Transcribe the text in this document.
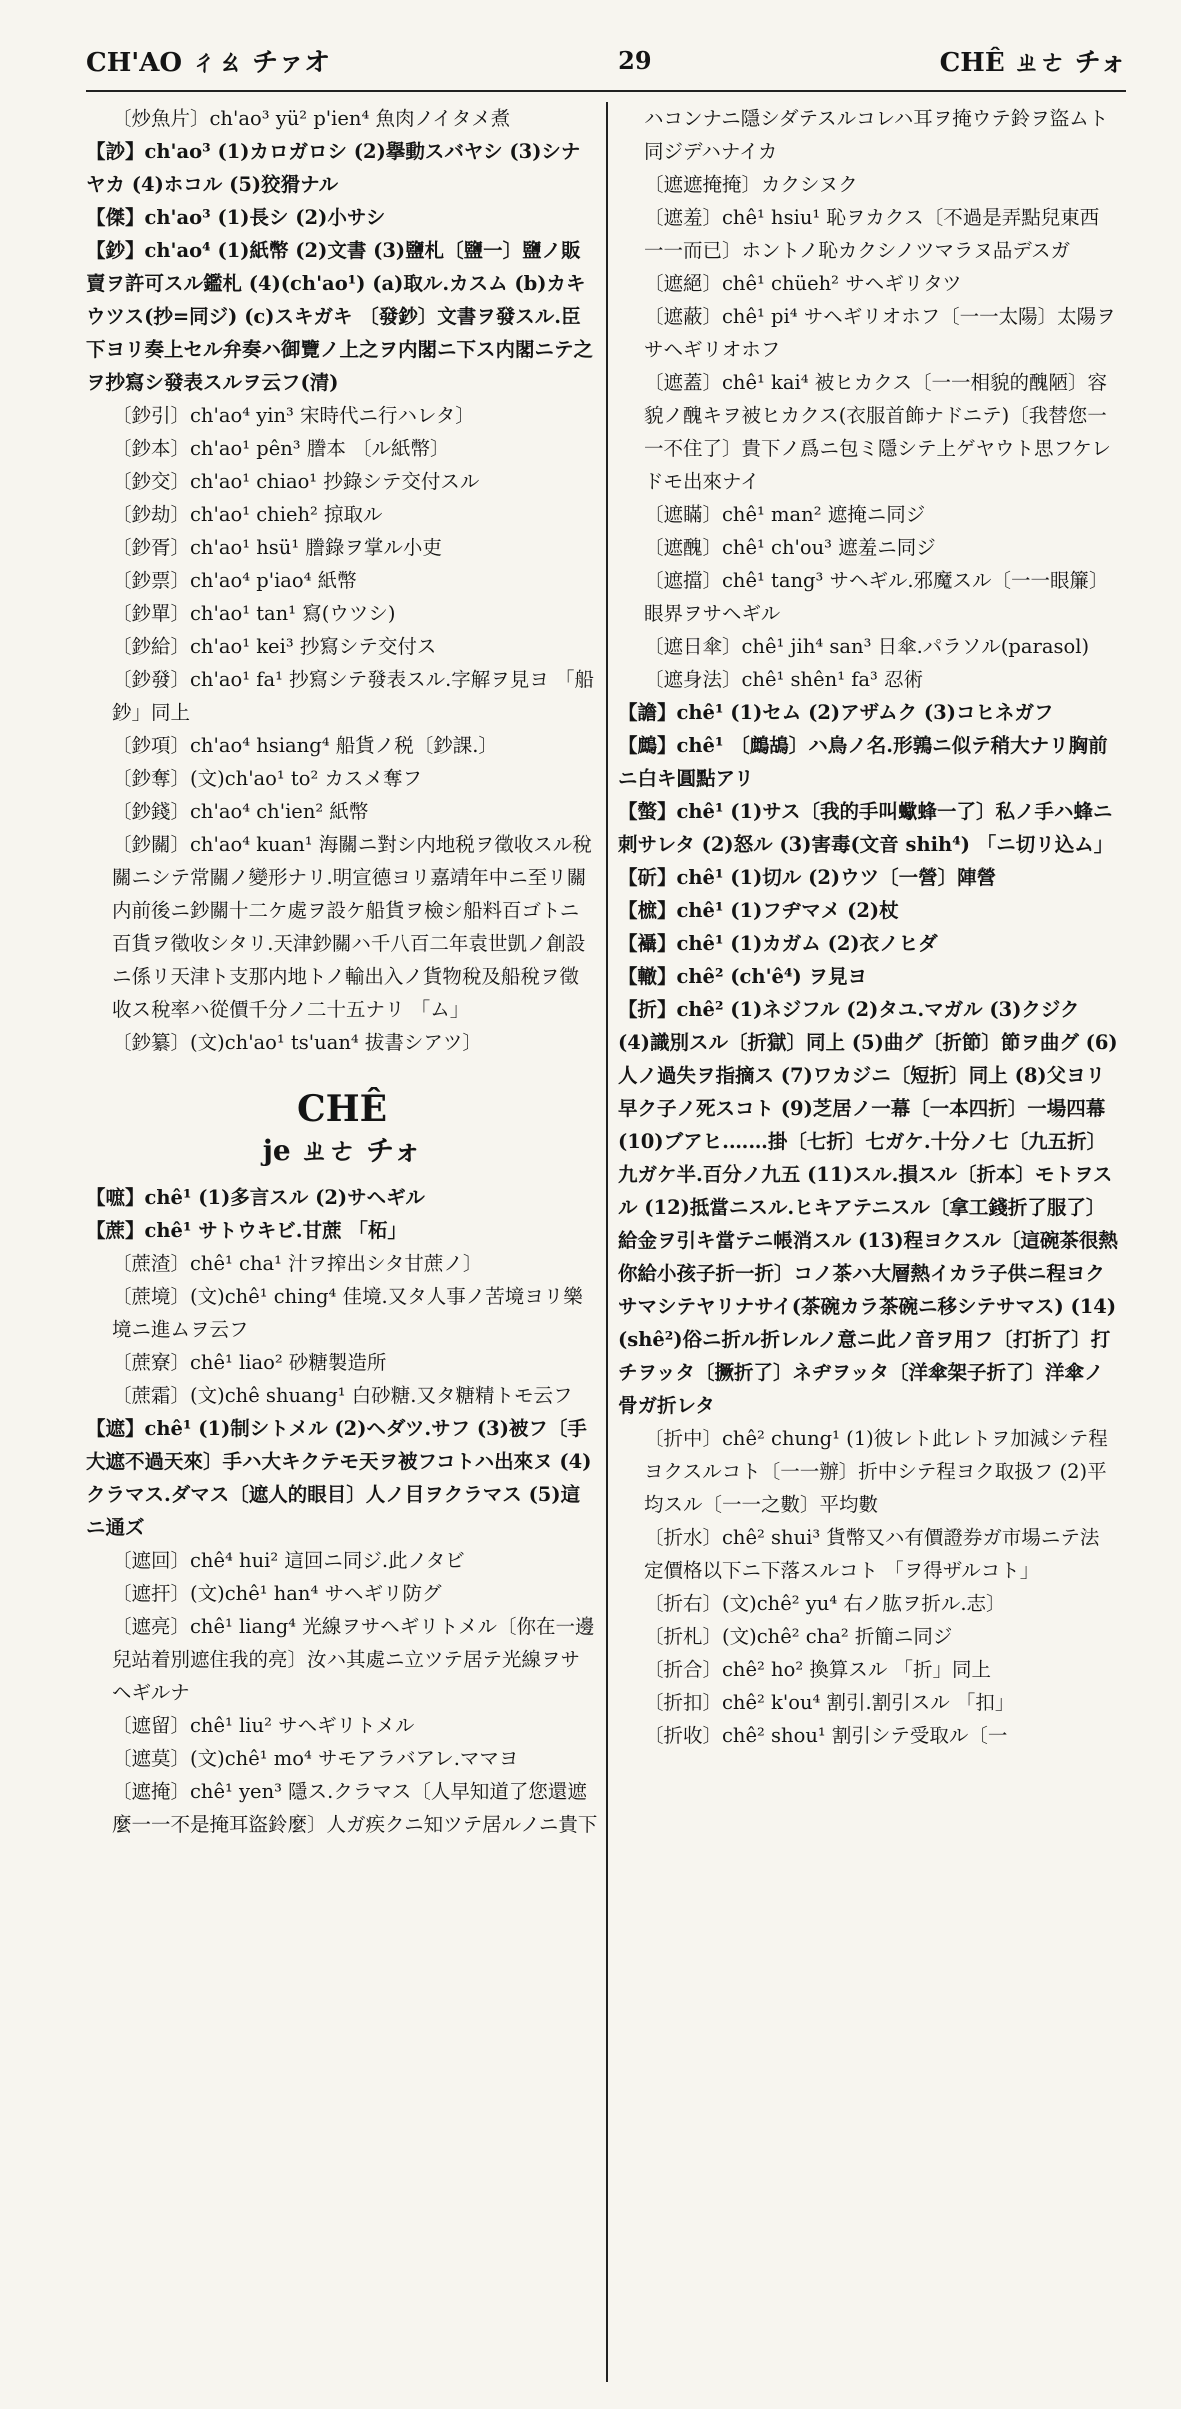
CH'AO ㄔㄠ チァオ	29	CHÊ ㄓㄜ チォ

〔炒魚片〕ch'ao³ yü² p'ien⁴ 魚肉ノイタメ煮

【訬】ch'ao³ (1)カロガロシ (2)擧動スバヤシ (3)シナヤカ (4)ホコル (5)狡猾ナル

【傑】ch'ao³ (1)長シ (2)小サシ

【鈔】ch'ao⁴ (1)紙幣 (2)文書 (3)鹽札〔鹽一〕鹽ノ販賣ヲ許可スル鑑札 (4)(ch'ao¹) (a)取ル.カスム (b)カキウツス(抄=同ジ) (c)スキガキ 〔發鈔〕文書ヲ發スル.臣下ヨリ奏上セル弁奏ハ御覽ノ上之ヲ内閣ニ下ス内閣ニテ之ヲ抄寫シ發表スルヲ云フ(清)

〔鈔引〕ch'ao⁴ yin³ 宋時代ニ行ハレタ〕

〔鈔本〕ch'ao¹ pên³ 謄本 〔ル紙幣〕

〔鈔交〕ch'ao¹ chiao¹ 抄錄シテ交付スル

〔鈔劫〕ch'ao¹ chieh² 掠取ル

〔鈔胥〕ch'ao¹ hsü¹ 謄錄ヲ掌ル小吏

〔鈔票〕ch'ao⁴ p'iao⁴ 紙幣

〔鈔單〕ch'ao¹ tan¹ 寫(ウツシ)

〔鈔給〕ch'ao¹ kei³ 抄寫シテ交付ス

〔鈔發〕ch'ao¹ fa¹ 抄寫シテ發表スル.字解ヲ見ヨ 「船鈔」同上

〔鈔項〕ch'ao⁴ hsiang⁴ 船貨ノ税〔鈔課.〕

〔鈔奪〕(文)ch'ao¹ to² カスメ奪フ

〔鈔錢〕ch'ao⁴ ch'ien² 紙幣

〔鈔關〕ch'ao⁴ kuan¹ 海關ニ對シ内地税ヲ徵收スル稅關ニシテ常關ノ變形ナリ.明宣德ヨリ嘉靖年中ニ至リ關内前後ニ鈔關十二ケ處ヲ設ケ船貨ヲ檢シ船料百ゴトニ百貨ヲ徵收シタリ.天津鈔關ハ千八百二年袁世凱ノ創設ニ係リ天津ト支那内地トノ輸出入ノ貨物稅及船稅ヲ徵收ス稅率ハ從價千分ノ二十五ナリ 「ム」

〔鈔纂〕(文)ch'ao¹ ts'uan⁴ 拔書シアツ〕

CHÊ
je ㄓㄜ チォ

【嗻】chê¹ (1)多言スル (2)サヘギル

【蔗】chê¹ サトウキビ.甘蔗 「柘」

〔蔗渣〕chê¹ cha¹ 汁ヲ搾出シタ甘蔗ノ〕

〔蔗境〕(文)chê¹ ching⁴ 佳境.又タ人事ノ苦境ヨリ樂境ニ進ムヲ云フ

〔蔗寮〕chê¹ liao² 砂糖製造所

〔蔗霜〕(文)chê shuang¹ 白砂糖.又タ糖精トモ云フ

【遮】chê¹ (1)制シトメル (2)ヘダツ.サフ (3)被フ〔手大遮不過天來〕手ハ大キクテモ天ヲ被フコトハ出來ヌ (4)クラマス.ダマス〔遮人的眼目〕人ノ目ヲクラマス (5)這ニ通ズ

〔遮回〕chê⁴ hui² 這回ニ同ジ.此ノタビ

〔遮扞〕(文)chê¹ han⁴ サヘギリ防グ

〔遮亮〕chê¹ liang⁴ 光線ヲサヘギリトメル〔你在一邊兒站着別遮住我的亮〕汝ハ其處ニ立ツテ居テ光線ヲサヘギルナ

〔遮留〕chê¹ liu² サヘギリトメル

〔遮莫〕(文)chê¹ mo⁴ サモアラバアレ.ママヨ

〔遮掩〕chê¹ yen³ 隱ス.クラマス〔人早知道了您還遮麼一一不是掩耳盜鈴麼〕人ガ疾クニ知ツテ居ルノニ貴下

ハコンナニ隱シダテスルコレハ耳ヲ掩ウテ鈴ヲ盜ムト同ジデハナイカ

〔遮遮掩掩〕カクシヌク

〔遮羞〕chê¹ hsiu¹ 恥ヲカクス〔不過是弄點兒東西一一而已〕ホントノ恥カクシノツマラヌ品デスガ

〔遮絕〕chê¹ chüeh² サヘギリタツ

〔遮蔽〕chê¹ pi⁴ サヘギリオホフ〔一一太陽〕太陽ヲサヘギリオホフ

〔遮蓋〕chê¹ kai⁴ 被ヒカクス〔一一相貌的醜陋〕容貌ノ醜キヲ被ヒカクス(衣服首飾ナドニテ)〔我替您一一不住了〕貴下ノ爲ニ包ミ隱シテ上ゲヤウト思フケレドモ出來ナイ

〔遮瞞〕chê¹ man² 遮掩ニ同ジ

〔遮醜〕chê¹ ch'ou³ 遮羞ニ同ジ

〔遮擋〕chê¹ tang³ サヘギル.邪魔スル〔一一眼簾〕眼界ヲサヘギル

〔遮日傘〕chê¹ jih⁴ san³ 日傘.パラソル(parasol)

〔遮身法〕chê¹ shên¹ fa³ 忍術

【譫】chê¹ (1)セム (2)アザムク (3)コヒネガフ

【鷓】chê¹ 〔鷓鴣〕ハ鳥ノ名.形鶉ニ似テ稍大ナリ胸前ニ白キ圓點アリ

【螫】chê¹ (1)サス〔我的手叫蠍蜂一了〕私ノ手ハ蜂ニ刺サレタ (2)怒ル (3)害毒(文音 shih⁴) 「ニ切リ込ム」

【斫】chê¹ (1)切ル (2)ウツ〔一營〕陣營

【樜】chê¹ (1)フヂマメ (2)杖

【襵】chê¹ (1)カガム (2)衣ノヒダ

【轍】chê² (ch'ê⁴) ヲ見ヨ

【折】chê² (1)ネジフル (2)タユ.マガル (3)クジク (4)識別スル〔折獄〕同上 (5)曲グ〔折節〕節ヲ曲グ (6)人ノ過失ヲ指摘ス (7)ワカジニ〔短折〕同上 (8)父ヨリ早ク子ノ死スコト (9)芝居ノ一幕〔一本四折〕一場四幕 (10)ブアヒ.……掛〔七折〕七ガケ.十分ノ七〔九五折〕九ガケ半.百分ノ九五 (11)スル.損スル〔折本〕モトヲスル (12)抵當ニスル.ヒキアテニスル〔拿工錢折了服了〕給金ヲ引キ當テニ帳消スル (13)程ヨクスル〔這碗茶很熱你給小孩子折一折〕コノ茶ハ大層熱イカラ子供ニ程ヨクサマシテヤリナサイ(茶碗カラ茶碗ニ移シテサマス) (14)(shê²)俗ニ折ル折レルノ意ニ此ノ音ヲ用フ〔打折了〕打チヲッタ〔撅折了〕ネヂヲッタ〔洋傘架子折了〕洋傘ノ骨ガ折レタ

〔折中〕chê² chung¹ (1)彼レト此レトヲ加減シテ程ヨクスルコト〔一一辦〕折中シテ程ヨク取扱フ (2)平均スル〔一一之數〕平均數

〔折水〕chê² shui³ 貨幣又ハ有價證券ガ市場ニテ法定價格以下ニ下落スルコト 「ヲ得ザルコト」

〔折右〕(文)chê² yu⁴ 右ノ肱ヲ折ル.志〕

〔折札〕(文)chê² cha² 折簡ニ同ジ

〔折合〕chê² ho² 換算スル 「折」同上

〔折扣〕chê² k'ou⁴ 割引.割引スル 「扣」

〔折收〕chê² shou¹ 割引シテ受取ル〔一
